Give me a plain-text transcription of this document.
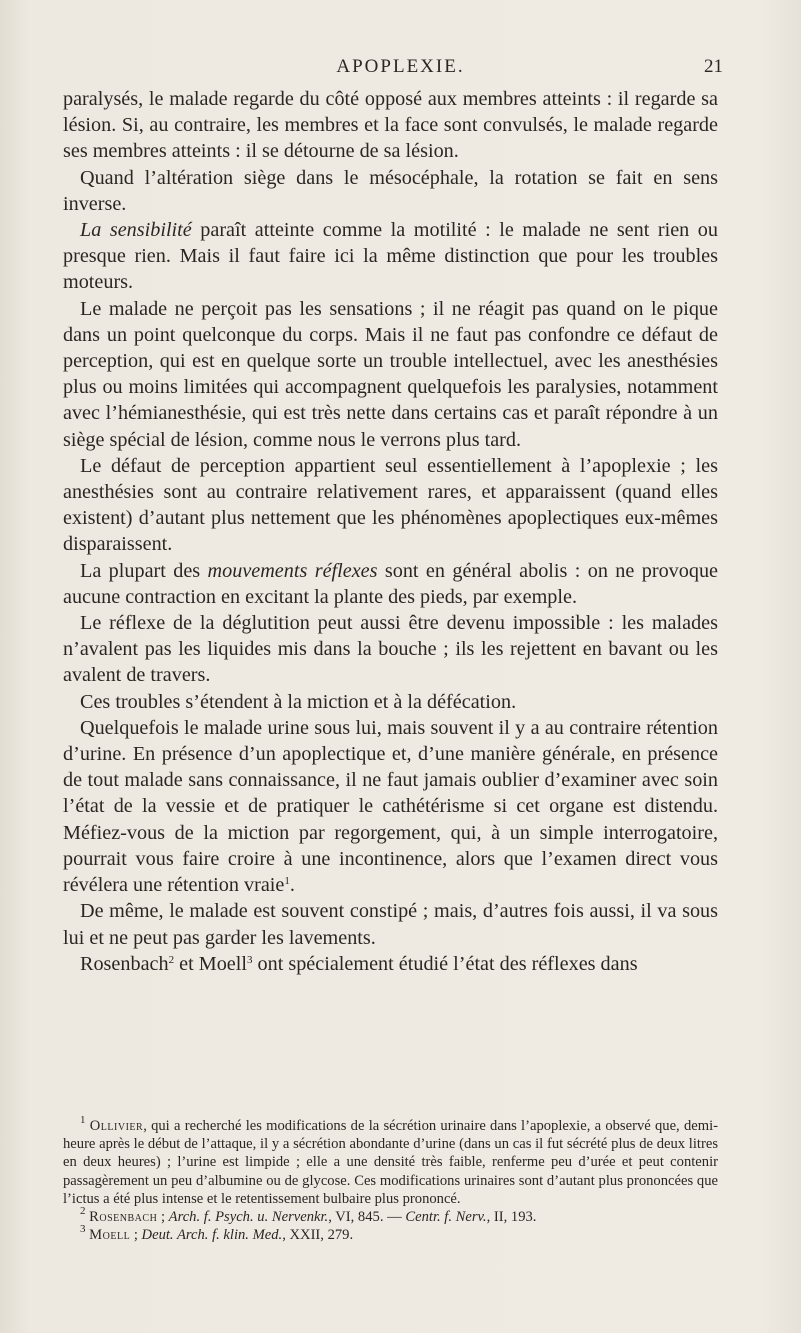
APOPLEXIE.	21

paralysés, le malade regarde du côté opposé aux membres atteints : il regarde sa lésion. Si, au contraire, les membres et la face sont convulsés, le malade regarde ses membres atteints : il se détourne de sa lésion.

Quand l’altération siège dans le mésocéphale, la rotation se fait en sens inverse.

La sensibilité paraît atteinte comme la motilité : le malade ne sent rien ou presque rien. Mais il faut faire ici la même distinction que pour les troubles moteurs.

Le malade ne perçoit pas les sensations ; il ne réagit pas quand on le pique dans un point quelconque du corps. Mais il ne faut pas confondre ce défaut de perception, qui est en quelque sorte un trouble intellectuel, avec les anesthésies plus ou moins limitées qui accompagnent quelquefois les paralysies, notamment avec l’hémianesthésie, qui est très nette dans certains cas et paraît répondre à un siège spécial de lésion, comme nous le verrons plus tard.

Le défaut de perception appartient seul essentiellement à l’apoplexie ; les anesthésies sont au contraire relativement rares, et apparaissent (quand elles existent) d’autant plus nettement que les phénomènes apoplectiques eux-mêmes disparaissent.

La plupart des mouvements réflexes sont en général abolis : on ne provoque aucune contraction en excitant la plante des pieds, par exemple.

Le réflexe de la déglutition peut aussi être devenu impossible : les malades n’avalent pas les liquides mis dans la bouche ; ils les rejettent en bavant ou les avalent de travers.

Ces troubles s’étendent à la miction et à la défécation.

Quelquefois le malade urine sous lui, mais souvent il y a au contraire rétention d’urine. En présence d’un apoplectique et, d’une manière générale, en présence de tout malade sans connaissance, il ne faut jamais oublier d’examiner avec soin l’état de la vessie et de pratiquer le cathétérisme si cet organe est distendu. Méfiez-vous de la miction par regorgement, qui, à un simple interrogatoire, pourrait vous faire croire à une incontinence, alors que l’examen direct vous révélera une rétention vraie$^1$.

De même, le malade est souvent constipé ; mais, d’autres fois aussi, il va sous lui et ne peut pas garder les lavements.

Rosenbach$^2$ et Moell$^3$ ont spécialement étudié l’état des réflexes dans

$^1$ Ollivier, qui a recherché les modifications de la sécrétion urinaire dans l’apoplexie, a observé que, demi-heure après le début de l’attaque, il y a sécrétion abondante d’urine (dans un cas il fut sécrété plus de deux litres en deux heures) ; l’urine est limpide ; elle a une densité très faible, renferme peu d’urée et peut contenir passagèrement un peu d’albumine ou de glycose. Ces modifications urinaires sont d’autant plus prononcées que l’ictus a été plus intense et le retentissement bulbaire plus prononcé.

$^2$ Rosenbach ; Arch. f. Psych. u. Nervenkr., VI, 845. — Centr. f. Nerv., II, 193.

$^3$ Moell ; Deut. Arch. f. klin. Med., XXII, 279.
